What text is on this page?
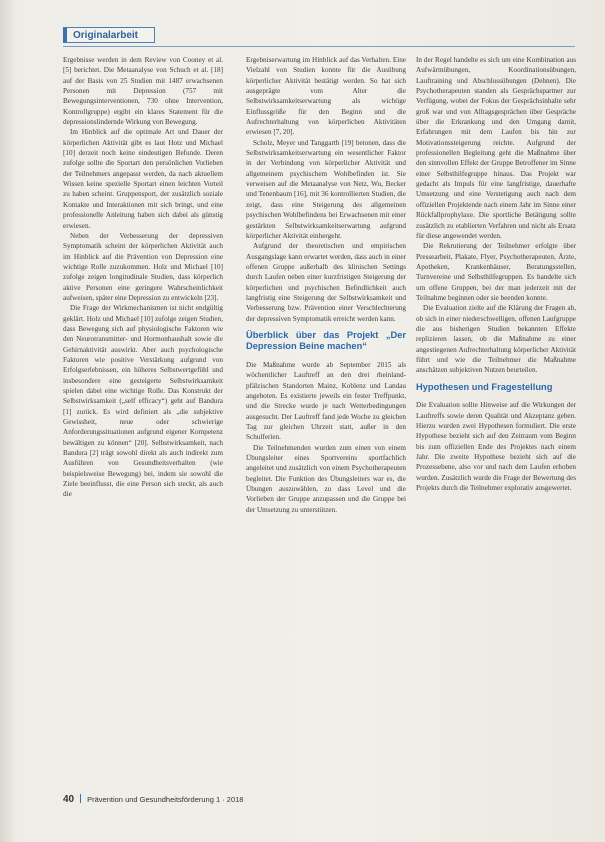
Originalarbeit

Ergebnisse werden in dem Review von Cooney et al. [5] berichtet. Die Metaanalyse von Schuch et al. [18] auf der Basis von 25 Studien mit 1487 erwachsenen Personen mit Depression (757 mit Bewegungsinterventionen, 730 ohne Intervention, Kontrollgruppe) ergibt ein klares Statement für die depressionslindernde Wirkung von Bewegung.

Im Hinblick auf die optimale Art und Dauer der körperlichen Aktivität gibt es laut Hotz und Michael [10] derzeit noch keine eindeutigen Befunde. Deren zufolge sollte die Sportart den persönlichen Vorlieben der Teilnehmers angepasst werden, da nach aktuellem Wissen keine spezielle Sportart einen leichten Vorteil zu haben scheint. Gruppensport, der zusätzlich soziale Kontakte und Interaktionen mit sich bringt, und eine professionelle Anleitung haben sich dabei als günstig erwiesen.

Neben der Verbesserung der depressiven Symptomatik scheint der körperlichen Aktivität auch im Hinblick auf die Prävention von Depression eine wichtige Rolle zuzukommen. Holz und Michael [10] zufolge zeigen longitudinale Studien, dass körperlich aktive Personen eine geringere Wahrscheinlichkeit aufweisen, später eine Depression zu entwickeln [23].

Die Frage der Wirkmechanismen ist nicht endgültig geklärt. Holz und Michael [10] zufolge zeigen Studien, dass Bewegung sich auf physiologische Faktoren wie den Neurotransmitter- und Hormonhaushalt sowie die Gehirnaktivität auswirkt. Aber auch psychologische Faktoren wie positive Verstärkung aufgrund von Erfolgserlebnissen, ein höheres Selbstwertgefühl und insbesondere eine gesteigerte Selbstwirksamkeit spielen dabei eine wichtige Rolle. Das Konstrukt der Selbstwirksamkeit („self efficacy“) geht auf Bandura [1] zurück. Es wird definiert als „die subjektive Gewissheit, neue oder schwierige Anforderungssituationen aufgrund eigener Kompetenz bewältigen zu können“ [20]. Selbstwirksamkeit, nach Bandura [2] trägt sowohl direkt als auch indirekt zum Ausführen von Gesundheitsverhalten (wie beispielsweise Bewegung) bei, indem sie sowohl die Ziele beeinflusst, die eine Person sich steckt, als auch die

Ergebniserwartung im Hinblick auf das Verhalten. Eine Vielzahl von Studien konnte für die Ausübung körperlicher Aktivität bestätigt werden. So hat sich ausgeprägte vom Alter die Selbstwirksamkeitserwartung als wichtige Einflussgröße für den Beginn und die Aufrechterhaltung von körperlichen Aktivitäten erwiesen [7, 20].

Scholz, Meyer und Tanggarth [19] betonen, dass die Selbstwirksamkeitserwartung ein wesentlicher Faktor in der Verbindung von körperlicher Aktivität und allgemeinem psychischem Wohlbefinden ist. Sie verweisen auf die Metaanalyse von Netz, Wu, Becker und Tenenbaum [16], mit 36 kontrollierten Studien, die zeigt, dass eine Steigerung des allgemeinen psychischen Wohlbefindens bei Erwachsenen mit einer gestärkten Selbstwirksamkeitserwartung aufgrund körperlicher Aktivität einhergeht.

Aufgrund der theoretischen und empirischen Ausgangslage kann erwartet werden, dass auch in einer offenen Gruppe außerhalb des klinischen Settings durch Laufen neben einer kurzfristigen Steigerung der körperlichen und psychischen Befindlichkeit auch langfristig eine Steigerung der Selbstwirksamkeit und Verbesserung bzw. Prävention einer Verschlechterung der depressiven Symptomatik erreicht werden kann.

Überblick über das Projekt „Der Depression Beine machen“

Die Maßnahme wurde ab September 2015 als wöchentlicher Lauftreff an den drei rheinland-pfälzischen Standorten Mainz, Koblenz und Landau angeboten. Es existierte jeweils ein fester Treffpunkt, und die Strecke wurde je nach Wetterbedingungen ausgesucht. Der Lauftreff fand jede Woche zu gleichen Tag zur gleichen Uhrzeit statt, außer in den Schulferien.

Die Teilnehmenden wurden zum einen von einem Übungsleiter eines Sportvereins sportfachlich angeleitet und zusätzlich von einem Psychotherapeuten begleitet. Die Funktion des Übungsleiters war es, die Übungen auszuwählen, zu dass Level und die Vorlieben der Gruppe anzupassen und die Gruppe bei der Umsetzung zu unterstützen.

In der Regel handelte es sich um eine Kombination aus Aufwärmübungen, Koordinationsübungen, Lauftraining und Abschlussübungen (Dehnen). Die Psychotherapeuten standen als Gesprächspartner zur Verfügung, wobei der Fokus der Gesprächsinhalte sehr groß war und von Alltagsgesprächen über Gespräche über die Erkrankung und den Umgang damit, Erfahrungen mit dem Laufen bis hin zur Motivationssteigerung reichte. Aufgrund der professionellen Begleitung geht die Maßnahme über den sinnvollen Effekt der Gruppe Betroffener im Sinne einer Selbsthilfegruppe hinaus. Das Projekt war gedacht als Impuls für eine langfristige, dauerhafte Umsetzung und eine Verstetigung auch nach dem offiziellen Projektende nach einem Jahr im Sinne einer Rückfallprophylaxe. Die sportliche Betätigung sollte zusätzlich zu etablierten Verfahren und nicht als Ersatz für diese angewendet werden.

Die Rekrutierung der Teilnehmer erfolgte über Pressearbeit, Plakate, Flyer, Psychotherapeuten, Ärzte, Apotheken, Krankenhäuser, Beratungsstellen, Turnvereine und Selbsthilfegruppen. Es handelte sich um offene Gruppen, bei der man jederzeit mit der Teilnahme beginnen oder sie beenden konnte.

Die Evaluation zielte auf die Klärung der Fragen ab, ob sich in einer niederschwelligen, offenen Laufgruppe die aus bisherigen Studien bekannten Effekte replizieren lassen, ob die Maßnahme zu einer angestiegenen Aufrechterhaltung körperlicher Aktivität führt und wie die Teilnehmer die Maßnahme anschätzen subjektiven Nutzen beurteilen.

Hypothesen und Fragestellung

Die Evaluation sollte Hinweise auf die Wirkungen der Lauftreffs sowie deren Qualität und Akzeptanz geben. Hierzu wurden zwei Hypothesen formuliert. Die erste Hypothese bezieht sich auf den Zeitraum vom Beginn bis zum offiziellen Ende des Projektes nach einem Jahr. Die zweite Hypothese bezieht sich auf die Prozessebene, also vor und nach dem Laufen erhoben wurden. Zusätzlich wurde die Frage der Bewertung des Projekts durch die Teilnehmer explorativ ausgewertet.

40 Prävention und Gesundheitsförderung 1 · 2018
